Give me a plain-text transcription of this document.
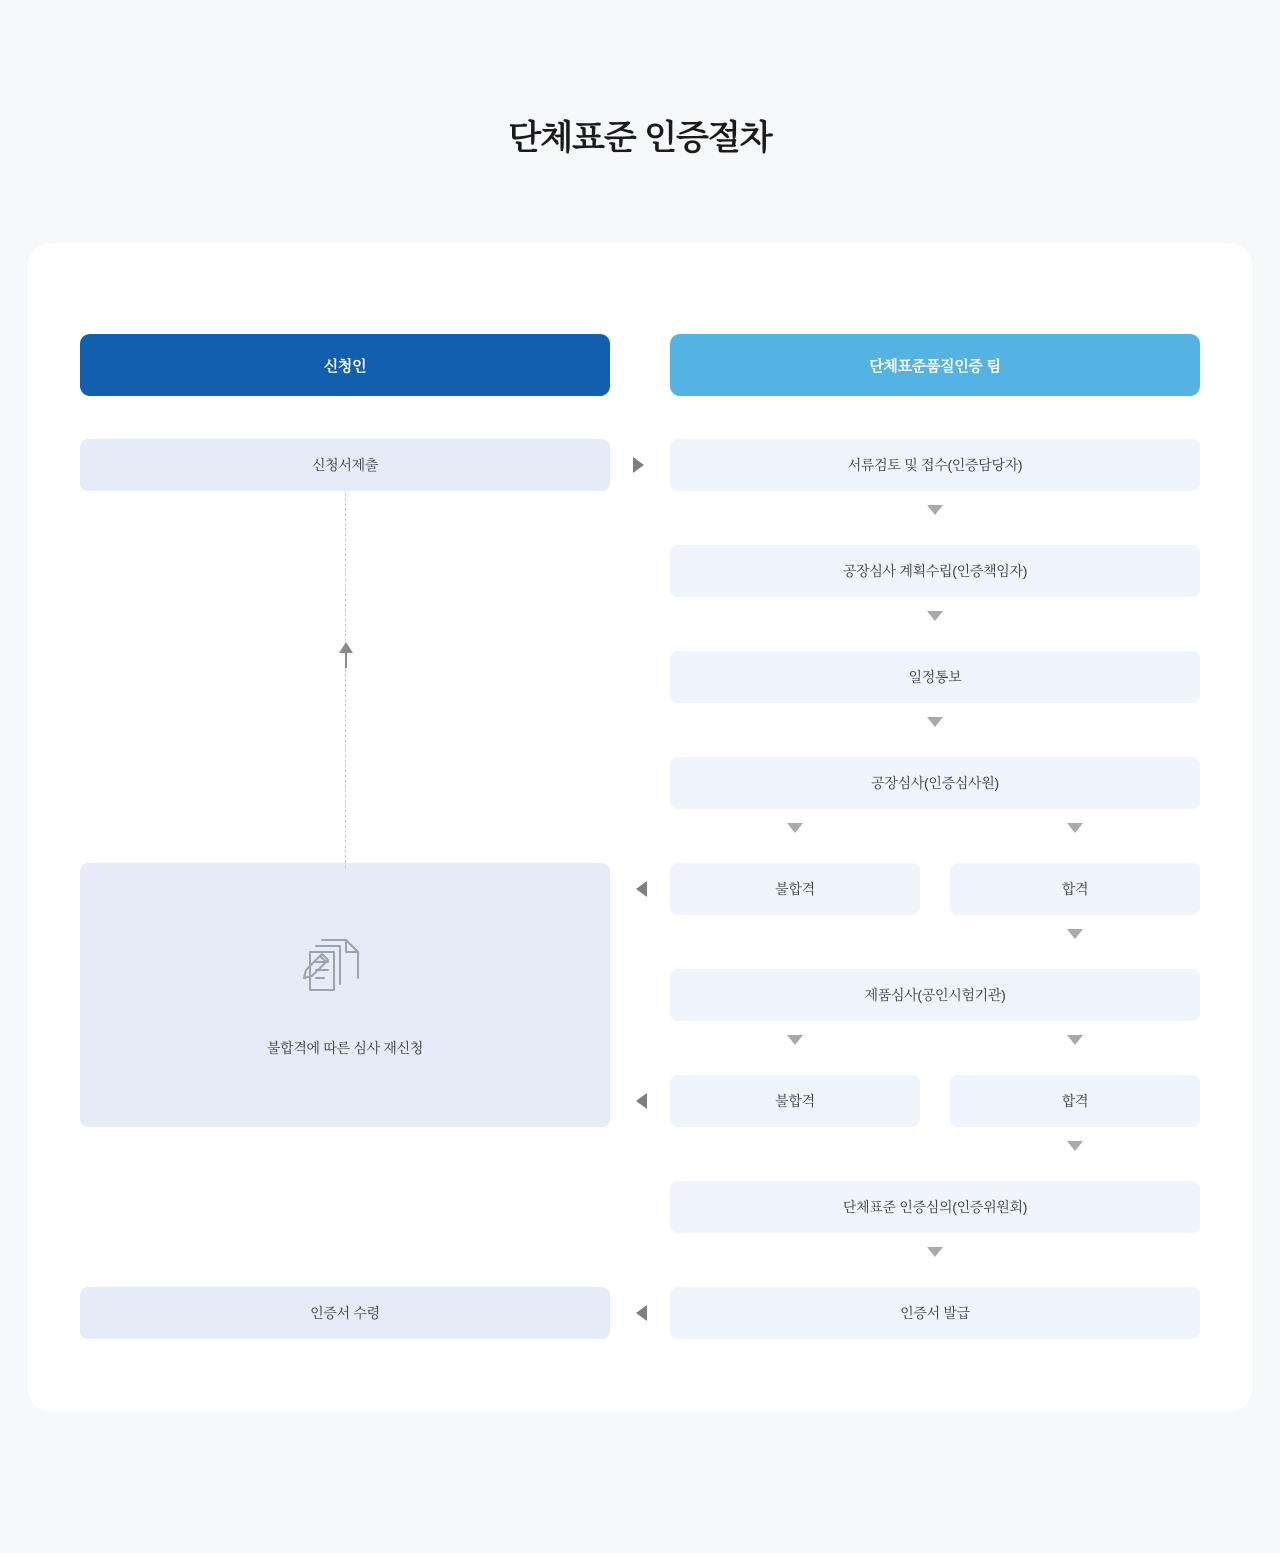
단체표준 인증절차
신청인	단체표준품질인증 팀
신청서제출	서류검토 및 접수(인증담당자)
공장심사 계획수립(인증책임자)
일정통보
공장심사(인증심사원)
불합격	합격
제품심사(공인시험기관)
불합격	합격
단체표준 인증심의(인증위원회)
인증서 발급
불합격에 따른 심사 재신청
인증서 수령
